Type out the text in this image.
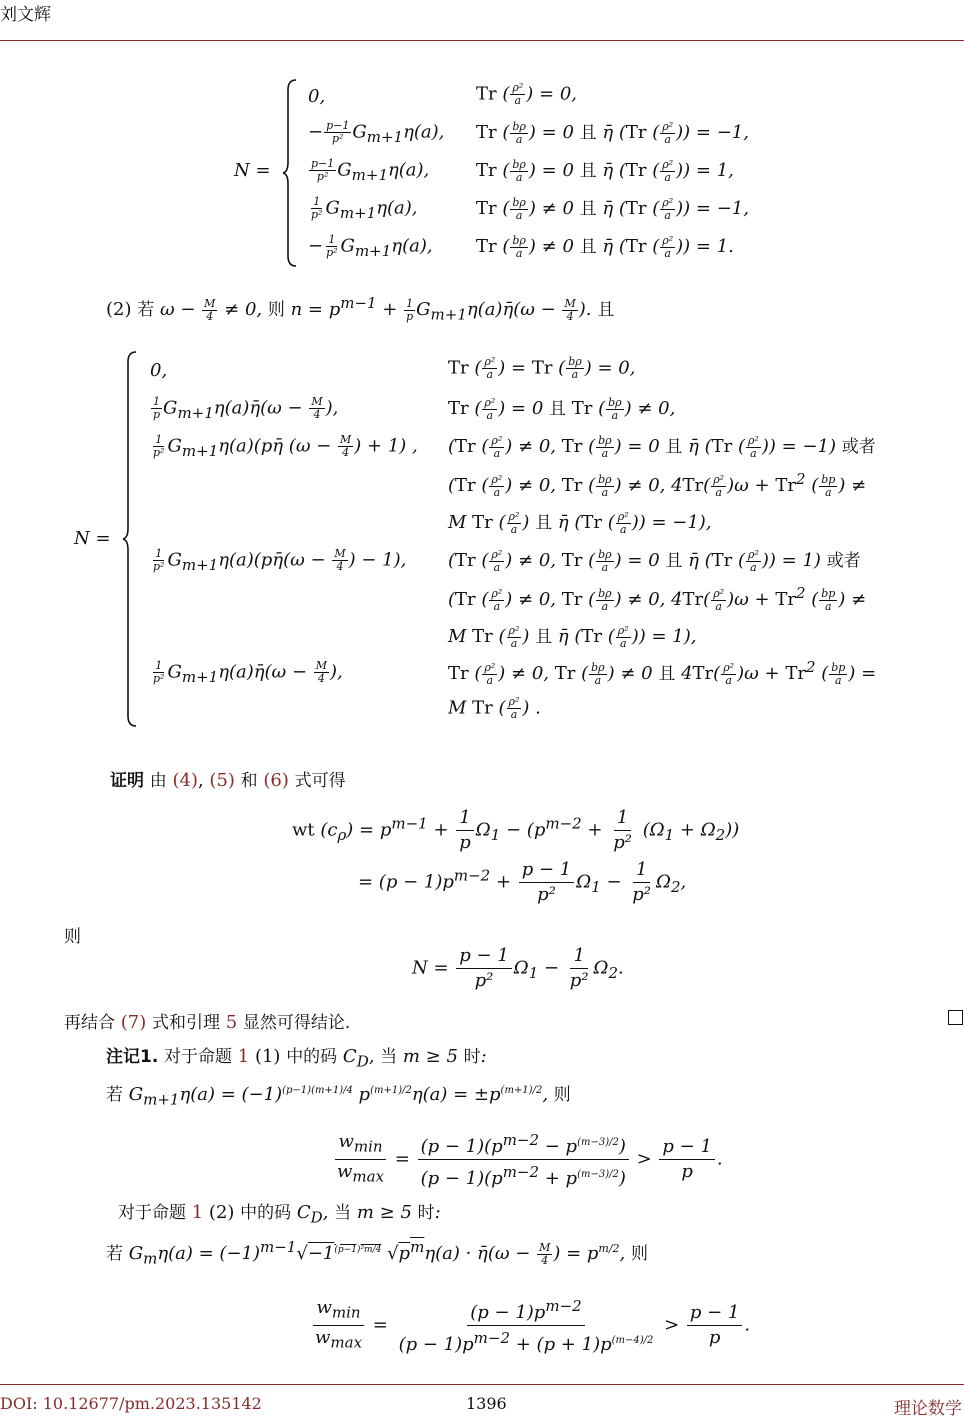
刘文辉
N =
0,	Tr ( $\frac{\text{ρ²}}{a}$ ) = 0,
− $\frac{p-1}{\text{p²}} G_{m+1}\eta(a)$, Tr ( $\frac{b\rho}{a}$ ) = 0 且 η̄ (Tr ( $\frac{\text{ρ²}}{a}$ )) = −1,
$\frac{p-1}{\text{p²}} G_{m+1}\eta(a)$,	Tr ( $\frac{b\rho}{a}$ ) = 0 且 η̄ (Tr ( $\frac{\text{ρ²}}{a}$ )) = 1,
$\frac{1}{\text{p²}} G_{m+1}\eta(a)$,	Tr ( $\frac{b\rho}{a}$ ) ≠ 0 且 η̄ (Tr ( $\frac{\text{ρ²}}{a}$ )) = −1,
− $\frac{1}{\text{p²}} G_{m+1}\eta(a)$, Tr ( $\frac{b\rho}{a}$ ) ≠ 0 且 η̄ (Tr ( $\frac{\text{ρ²}}{a}$ )) = 1.
(2) 若 $\omega - \frac{M}{4} \ne 0$, 则 $n = p^{m-1} + \frac{1}{p}$ $G_{m+1}\eta(a)\etā(\omega - \frac{M}{4}$ ). 且
N =
0,	Tr ( $\frac{\text{ρ²}}{a}$ ) = Tr ( $\frac{b\rho}{a}$ ) = 0,
$\frac{1}{p}$ $G_{m+1}\eta(a)\etā(\omega - \frac{M}{4}$ ),	Tr ( $\frac{\text{ρ²}}{a}$ ) = 0 且 Tr ( $\frac{b\rho}{a}$ ) ≠ 0,
$\frac{1}{\text{p²}}$ $G_{m+1}\eta(a)(p\etā$ ($\omega - \frac{M}{4}$ ) + 1) , (Tr ( $\frac{\text{ρ²}}{a}$ ) ≠ 0, Tr ( $\frac{b\rho}{a}$ ) = 0 且 η̄ (Tr ( $\frac{\text{ρ²}}{a}$ )) = −1) 或者
(Tr ( $\frac{\text{ρ²}}{a}$ ) ≠ 0, Tr ( $\frac{b\rho}{a}$ ) ≠ 0, $4Tr( \frac{\text{ρ²}}{a} )\omega + Tr^2$ ( $\frac{bp}{a}$ ) ≠
M Tr ( $\frac{\text{ρ²}}{a}$ ) 且 η̄ (Tr ( $\frac{\text{ρ²}}{a}$ )) = −1),
$\frac{1}{\text{p²}}$ $G_{m+1}\eta(a)(p\etā(\omega - \frac{M}{4}$ ) − 1), (Tr ( $\frac{\text{ρ²}}{a}$ ) ≠ 0, Tr ( $\frac{b\rho}{a}$ ) = 0 且 η̄ (Tr ( $\frac{\text{ρ²}}{a}$ )) = 1) 或者
(Tr ( $\frac{\text{ρ²}}{a}$ ) ≠ 0, Tr ( $\frac{b\rho}{a}$ ) ≠ 0, $4Tr( \frac{\text{ρ²}}{a} )\omega + Tr^2$ ( $\frac{bp}{a}$ ) ≠
M Tr ( $\frac{\text{ρ²}}{a}$ ) 且 η̄ (Tr ( $\frac{\text{ρ²}}{a}$ )) = 1),
$\frac{1}{\text{p²}}$ $G_{m+1}\eta(a)\etā(\omega - \frac{M}{4}$ ),	Tr ( $\frac{\text{ρ²}}{a}$ ) ≠ 0, Tr ( $\frac{b\rho}{a}$ ) ≠ 0 且 $4Tr( \frac{\text{ρ²}}{a} )\omega + Tr^2$ ( $\frac{bp}{a}$ ) =
M Tr ( $\frac{\text{ρ²}}{a}$ ) .
证明 由 (4), (5) 和 (6) 式可得
wt $(c_\rho) = p^{m-1} + \frac{1}{p} \Omega_1 - (p^{m-2} + \frac{1}{\text{p²}} (\Omega_1 + \Omega_2))$
= $(p - 1)p^{m-2} + \frac{p - 1}{\text{p²}} \Omega_1 - \frac{1}{\text{p²}} \Omega_2$,
则
$N = \frac{p - 1}{\text{p²}} \Omega_1 - \frac{1}{\text{p²}} \Omega_2$.
再结合 (7) 式和引理 5 显然可得结论.
注记1. 对于命题 1 (1) 中的码 $C_D$, 当 m ≥ 5 时:
若 $G_{m+1}\eta(a) = (-1)^{(p-1)(m+1)/4}$ $p^{(m+1)/2}\eta(a) = \pm p^{(m+1)/2}$, 则
$w_{min}$
$w_{max}$
= $\frac{(p - 1)(p^{m-2} - p^{(m-3)/2})}{(p - 1)(p^{m-2} + p^{(m-3)/2})} > \frac{p - 1}{p}$ .
对于命题 1 (2) 中的码 $C_D$, 当 m ≥ 5 时:
若 $G_m\eta(a) = (-1)^{m-1}√-1^{(p-1)^2m/4}$ $√p^m\eta(a)$ · η̄(ω − $\frac{M}{4}$ ) = $p^{m/2}$, 则
$w_{min}$
$w_{max}$
= $\frac{(p - 1)p^{m-2}}{(p - 1)p^{m-2} + (p + 1)p^{(m-4)/2}} > \frac{p - 1}{p}$ .
DOI: 10.12677/pm.2023.135142	1396	理论数学
